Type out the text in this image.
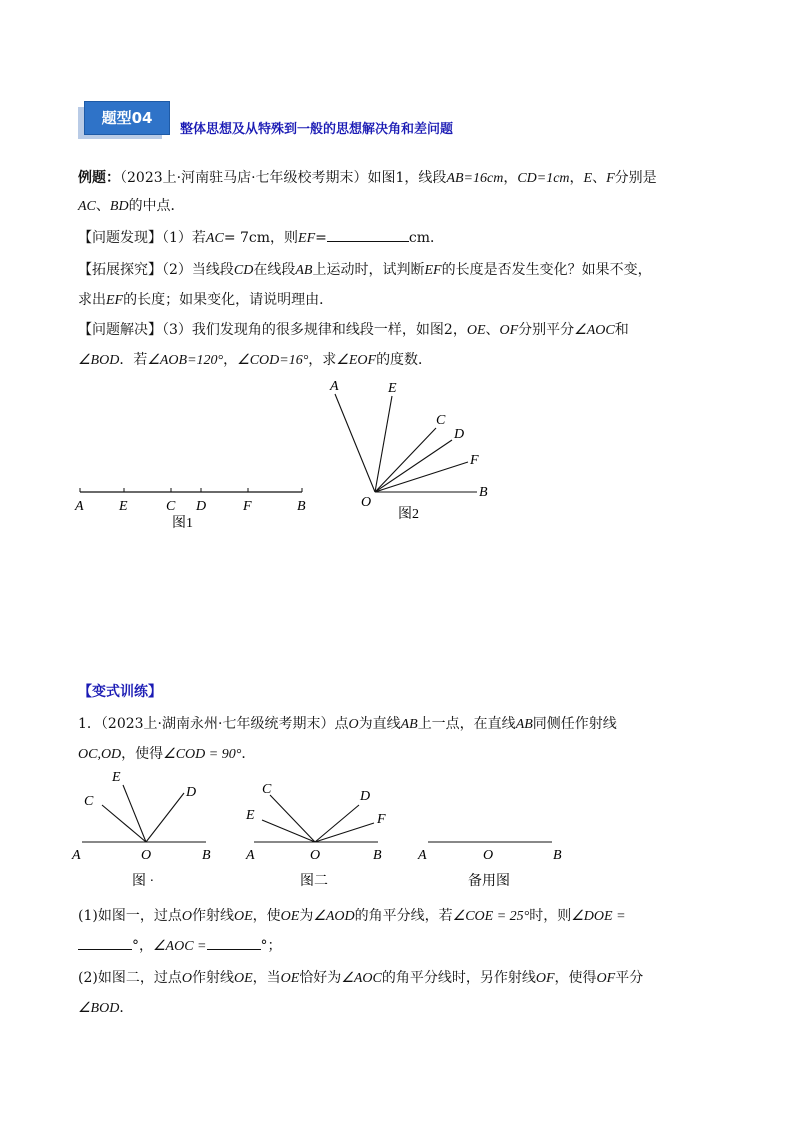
题型04
整体思想及从特殊到一般的思想解决角和差问题
例题：（2023上·河南驻马店·七年级校考期末）如图1，线段AB=16cm，CD=1cm，E、F分别是
AC、BD的中点．
【问题发现】（1）若AC= 7cm，则EF=	cm．
【拓展探究】（2）当线段CD在线段AB上运动时，试判断EF的长度是否发生变化？如果不变，
求出EF的长度；如果变化，请说明理由．
【问题解决】（3）我们发现角的很多规律和线段一样，如图2，OE、OF分别平分∠AOC和
∠BOD．若∠AOB=120°，∠COD=16°，求∠EOF的度数．
A	E	C D	F	B
图1
A	E
C
D
F
B
O
图2
【变式训练】
1．（2023上·湖南永州·七年级统考期末）点O为直线AB上一点，在直线AB同侧任作射线
OC,OD，使得∠COD = 90°．
E
C
D
A	O	B
图 ·
C	D
E	F
A	O	B
图二
A	O	B
备用图
(1)如图一，过点O作射线OE，使OE为∠AOD的角平分线，若∠COE = 25°时，则∠DOE =
°，∠AOC =	°；
(2)如图二，过点O作射线OE，当OE恰好为∠AOC的角平分线时，另作射线OF，使得OF平分
∠BOD．
